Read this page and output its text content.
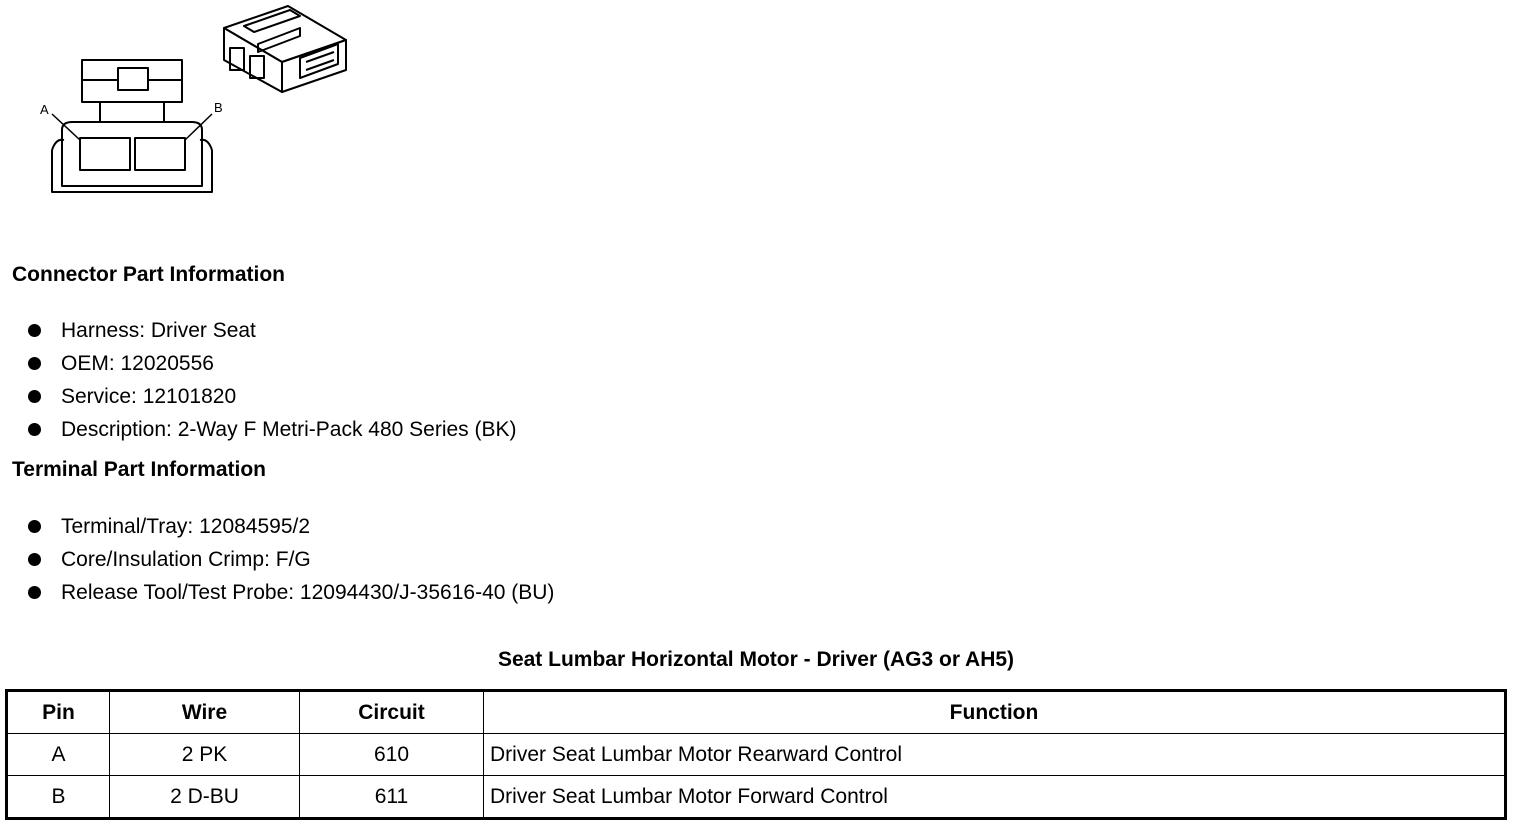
A	B
Connector Part Information
Harness: Driver Seat
OEM: 12020556
Service: 12101820
Description: 2-Way F Metri-Pack 480 Series (BK)
Terminal Part Information
Terminal/Tray: 12084595/2
Core/Insulation Crimp: F/G
Release Tool/Test Probe: 12094430/J-35616-40 (BU)
Seat Lumbar Horizontal Motor - Driver (AG3 or AH5)
Pin	Wire	Circuit	Function
A	2 PK	610	Driver Seat Lumbar Motor Rearward Control
B	2 D-BU	611	Driver Seat Lumbar Motor Forward Control
